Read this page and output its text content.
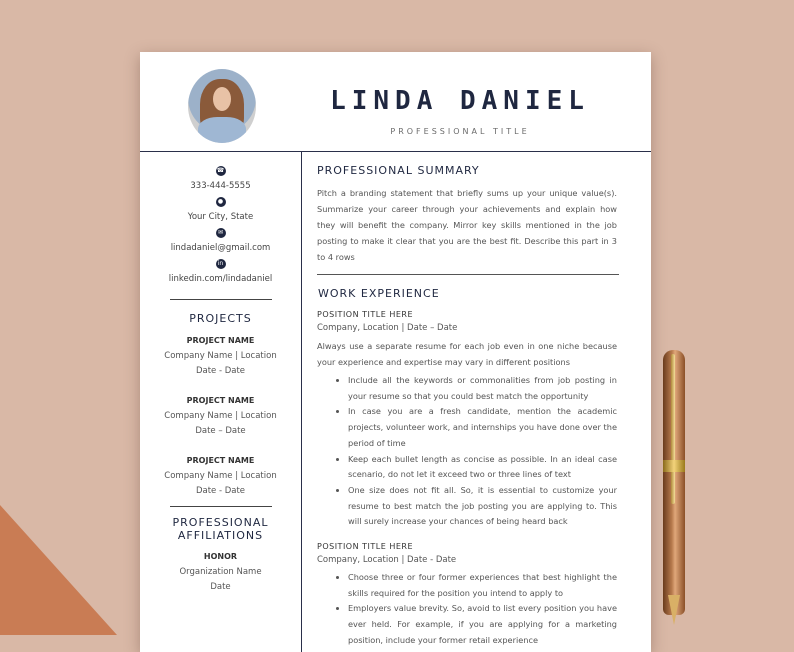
LINDA DANIEL
PROFESSIONAL TITLE
☎
333-444-5555
●
Your City, State
✉
lindadaniel@gmail.com
in
linkedin.com/lindadaniel
PROJECTS
PROJECT NAME
Company Name | Location
Date - Date
PROJECT NAME
Company Name | Location
Date – Date
PROJECT NAME
Company Name | Location
Date - Date
PROFESSIONAL
AFFILIATIONS
HONOR
Organization Name
Date
PROFESSIONAL SUMMARY
Pitch a branding statement that briefly sums up your unique value(s). Summarize your career through your achievements and explain how they will benefit the company. Mirror key skills mentioned in the job posting to make it clear that you are the best fit. Describe this part in 3 to 4 rows
WORK EXPERIENCE
POSITION TITLE HERE
Company, Location | Date – Date
Always use a separate resume for each job even in one niche because your experience and expertise may vary in different positions
• Include all the keywords or commonalities from job posting in your resume so that you could best match the opportunity
• In case you are a fresh candidate, mention the academic projects, volunteer work, and internships you have done over the period of time
• Keep each bullet length as concise as possible. In an ideal case scenario, do not let it exceed two or three lines of text
• One size does not fit all. So, it is essential to customize your resume to best match the job posting you are applying to. This will surely increase your chances of being heard back
POSITION TITLE HERE
Company, Location | Date - Date
• Choose three or four former experiences that best highlight the skills required for the position you intend to apply to
• Employers value brevity. So, avoid to list every position you have ever held. For example, if you are applying for a marketing position, include your former retail experience
